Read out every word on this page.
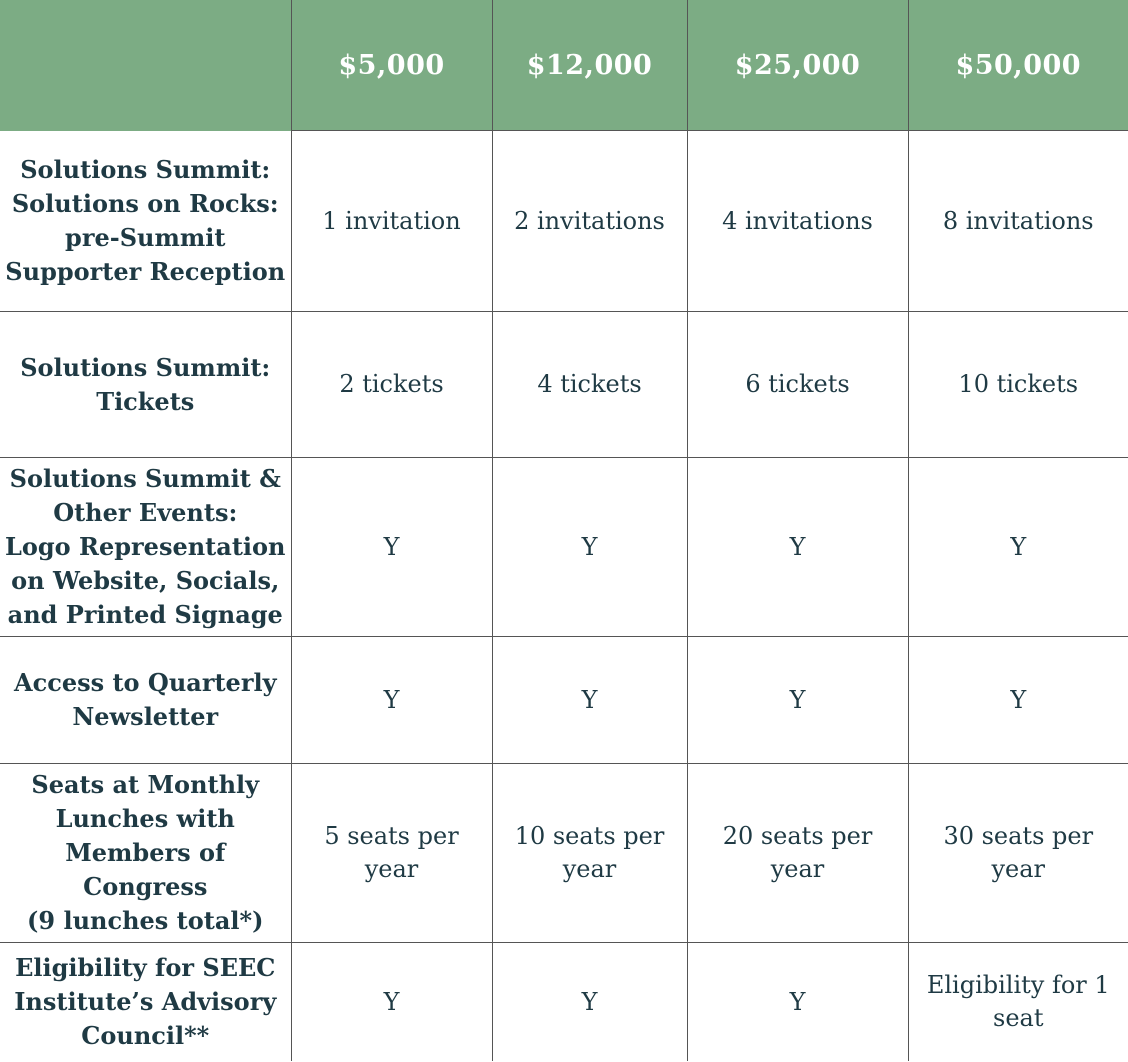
	$5,000	$12,000	$25,000	$50,000

Solutions Summit:
Solutions on Rocks:
pre-Summit
Supporter Reception	1 invitation	2 invitations	4 invitations	8 invitations

Solutions Summit:
Tickets	2 tickets	4 tickets	6 tickets	10 tickets

Solutions Summit &
Other Events:
Logo Representation
on Website, Socials,
and Printed Signage	Y	Y	Y	Y

Access to Quarterly
Newsletter	Y	Y	Y	Y

Seats at Monthly
Lunches with
Members of
Congress
(9 lunches total*)	5 seats per year	10 seats per year	20 seats per year	30 seats per year

Eligibility for SEEC
Institute’s Advisory
Council**	Y	Y	Y	Eligibility for 1 seat
